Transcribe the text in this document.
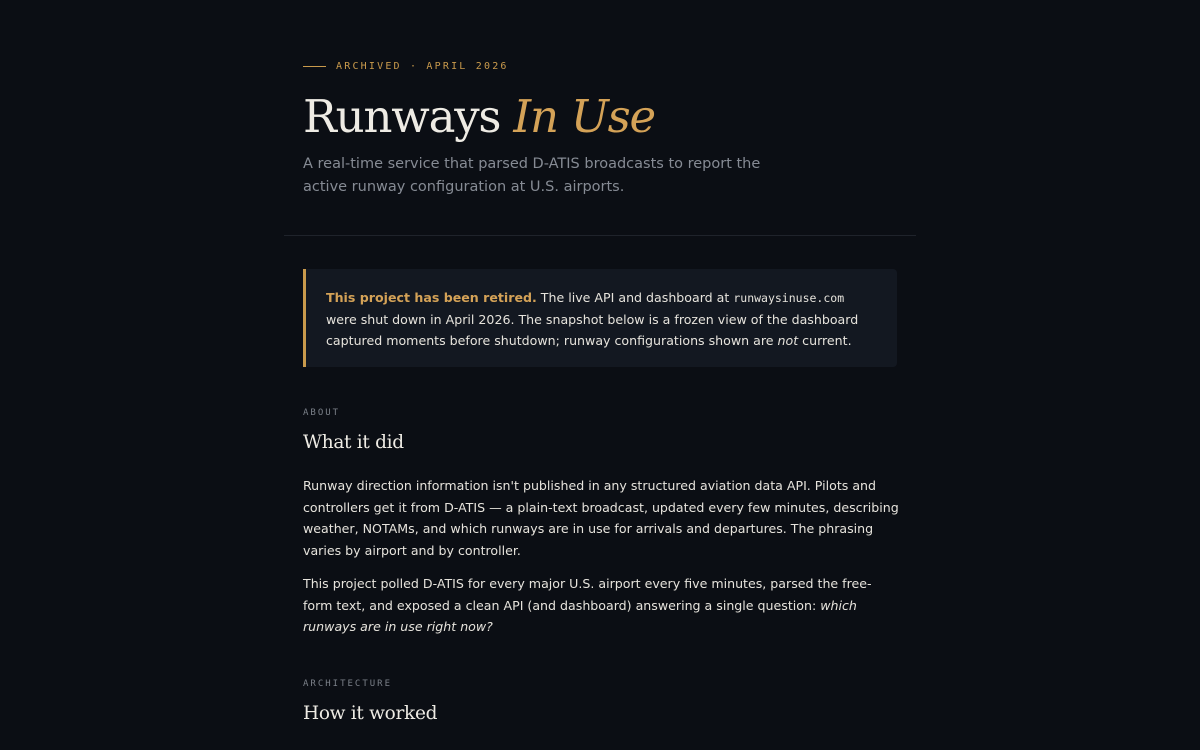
ARCHIVED · APRIL 2026
Runways In Use

A real-time service that parsed D-ATIS broadcasts to report the active runway configuration at U.S. airports.

This project has been retired. The live API and dashboard at runwaysinuse.com were shut down in April 2026. The snapshot below is a frozen view of the dashboard captured moments before shutdown; runway configurations shown are not current.

ABOUT

What it did

Runway direction information isn't published in any structured aviation data API. Pilots and controllers get it from D-ATIS — a plain-text broadcast, updated every few minutes, describing weather, NOTAMs, and which runways are in use for arrivals and departures. The phrasing varies by airport and by controller.

This project polled D-ATIS for every major U.S. airport every five minutes, parsed the free-form text, and exposed a clean API (and dashboard) answering a single question: which runways are in use right now?

ARCHITECTURE

How it worked
